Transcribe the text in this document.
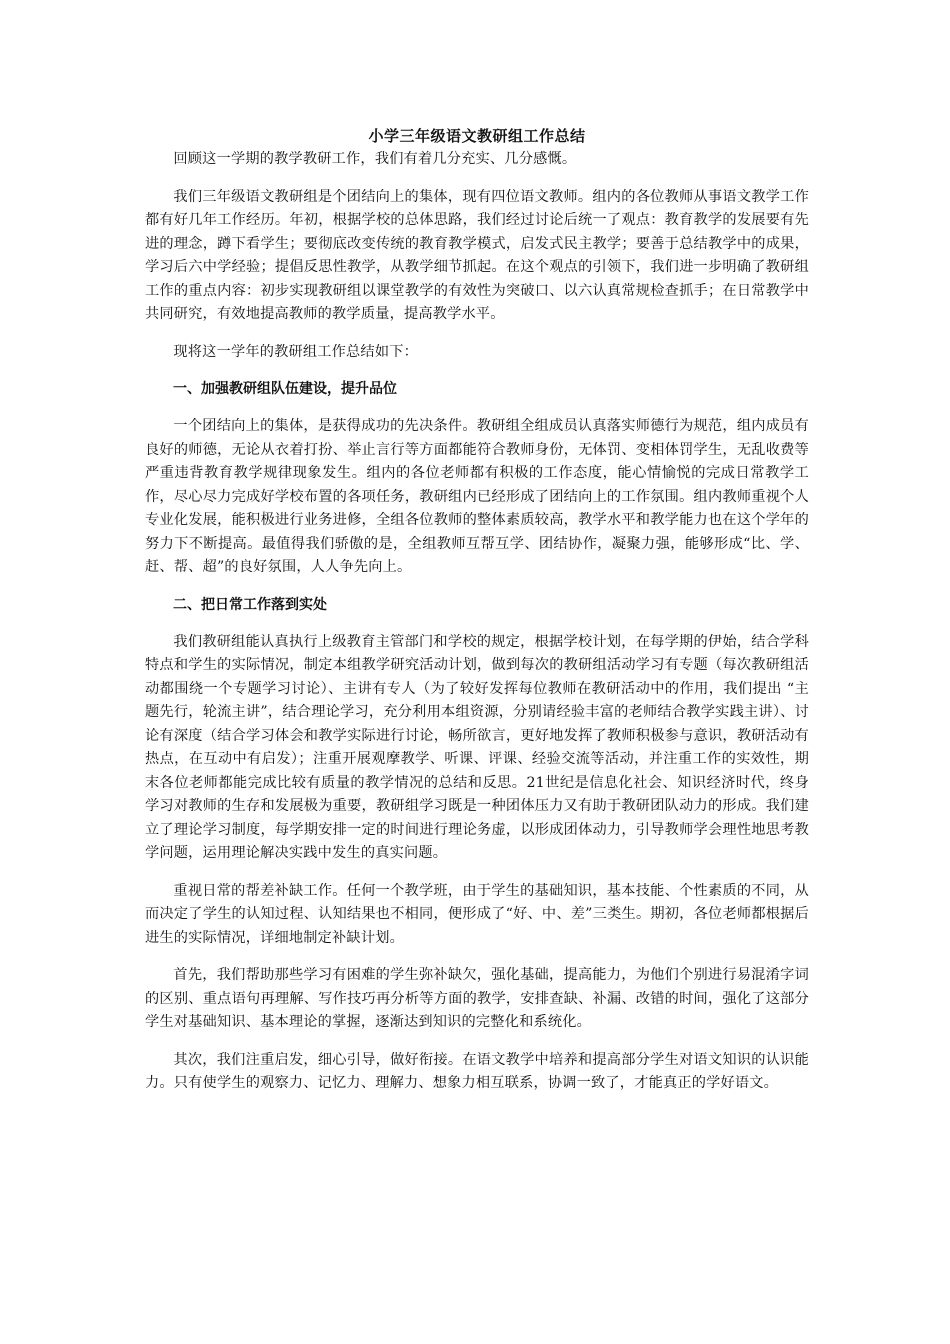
小学三年级语文教研组工作总结

回顾这一学期的教学教研工作，我们有着几分充实、几分感慨。

我们三年级语文教研组是个团结向上的集体，现有四位语文教师。组内的各位教师从事语文教学工作都有好几年工作经历。年初，根据学校的总体思路，我们经过讨论后统一了观点：教育教学的发展要有先进的理念，蹲下看学生；要彻底改变传统的教育教学模式，启发式民主教学；要善于总结教学中的成果，学习后六中学经验；提倡反思性教学，从教学细节抓起。在这个观点的引领下，我们进一步明确了教研组工作的重点内容：初步实现教研组以课堂教学的有效性为突破口、以六认真常规检查抓手；在日常教学中共同研究，有效地提高教师的教学质量，提高教学水平。

现将这一学年的教研组工作总结如下：

一、加强教研组队伍建设，提升品位

一个团结向上的集体，是获得成功的先决条件。教研组全组成员认真落实师德行为规范，组内成员有良好的师德，无论从衣着打扮、举止言行等方面都能符合教师身份，无体罚、变相体罚学生，无乱收费等严重违背教育教学规律现象发生。组内的各位老师都有积极的工作态度，能心情愉悦的完成日常教学工作，尽心尽力完成好学校布置的各项任务，教研组内已经形成了团结向上的工作氛围。组内教师重视个人专业化发展，能积极进行业务进修，全组各位教师的整体素质较高，教学水平和教学能力也在这个学年的努力下不断提高。最值得我们骄傲的是，全组教师互帮互学、团结协作，凝聚力强，能够形成“比、学、赶、帮、超”的良好氛围，人人争先向上。

二、把日常工作落到实处

我们教研组能认真执行上级教育主管部门和学校的规定，根据学校计划，在每学期的伊始，结合学科特点和学生的实际情况，制定本组教学研究活动计划，做到每次的教研组活动学习有专题（每次教研组活动都围绕一个专题学习讨论）、主讲有专人（为了较好发挥每位教师在教研活动中的作用，我们提出 “主题先行，轮流主讲”，结合理论学习，充分利用本组资源，分别请经验丰富的老师结合教学实践主讲）、讨论有深度（结合学习体会和教学实际进行讨论，畅所欲言，更好地发挥了教师积极参与意识，教研活动有热点，在互动中有启发）；注重开展观摩教学、听课、评课、经验交流等活动，并注重工作的实效性，期末各位老师都能完成比较有质量的教学情况的总结和反思。21世纪是信息化社会、知识经济时代，终身学习对教师的生存和发展极为重要，教研组学习既是一种团体压力又有助于教研团队动力的形成。我们建立了理论学习制度，每学期安排一定的时间进行理论务虚，以形成团体动力，引导教师学会理性地思考教学问题，运用理论解决实践中发生的真实问题。

重视日常的帮差补缺工作。任何一个教学班，由于学生的基础知识，基本技能、个性素质的不同，从而决定了学生的认知过程、认知结果也不相同，便形成了“好、中、差”三类生。期初，各位老师都根据后进生的实际情况，详细地制定补缺计划。

首先，我们帮助那些学习有困难的学生弥补缺欠，强化基础，提高能力，为他们个别进行易混淆字词的区别、重点语句再理解、写作技巧再分析等方面的教学，安排查缺、补漏、改错的时间，强化了这部分学生对基础知识、基本理论的掌握，逐渐达到知识的完整化和系统化。

其次，我们注重启发，细心引导，做好衔接。在语文教学中培养和提高部分学生对语文知识的认识能力。只有使学生的观察力、记忆力、理解力、想象力相互联系，协调一致了，才能真正的学好语文。
